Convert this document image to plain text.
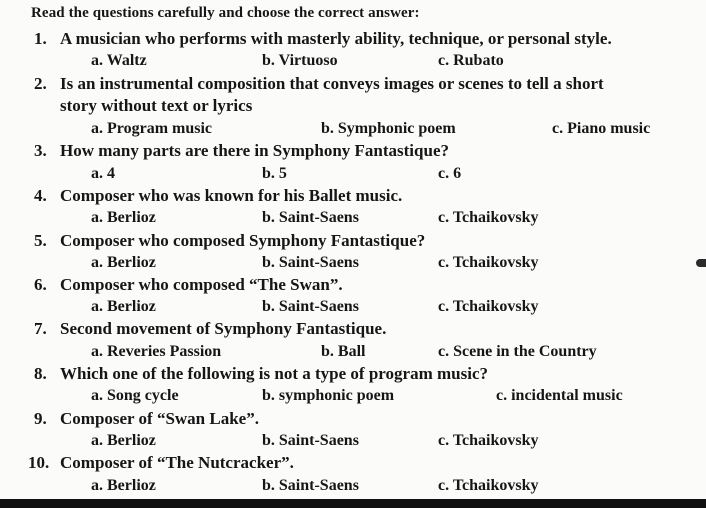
Read the questions carefully and choose the correct answer:
1. A musician who performs with masterly ability, technique, or personal style.
a. Waltz	b. Virtuoso	c. Rubato
2. Is an instrumental composition that conveys images or scenes to tell a short
story without text or lyrics
a. Program music	b. Symphonic poem	c. Piano music
3. How many parts are there in Symphony Fantastique?
a. 4	b. 5	c. 6
4. Composer who was known for his Ballet music.
a. Berlioz	b. Saint-Saens	c. Tchaikovsky
5. Composer who composed Symphony Fantastique?
a. Berlioz	b. Saint-Saens	c. Tchaikovsky
6. Composer who composed “The Swan”.
a. Berlioz	b. Saint-Saens	c. Tchaikovsky
7. Second movement of Symphony Fantastique.
a. Reveries Passion	b. Ball	c. Scene in the Country
8. Which one of the following is not a type of program music?
a. Song cycle	b. symphonic poem	c. incidental music
9. Composer of “Swan Lake”.
a. Berlioz	b. Saint-Saens	c. Tchaikovsky
10. Composer of “The Nutcracker”.
a. Berlioz	b. Saint-Saens	c. Tchaikovsky
